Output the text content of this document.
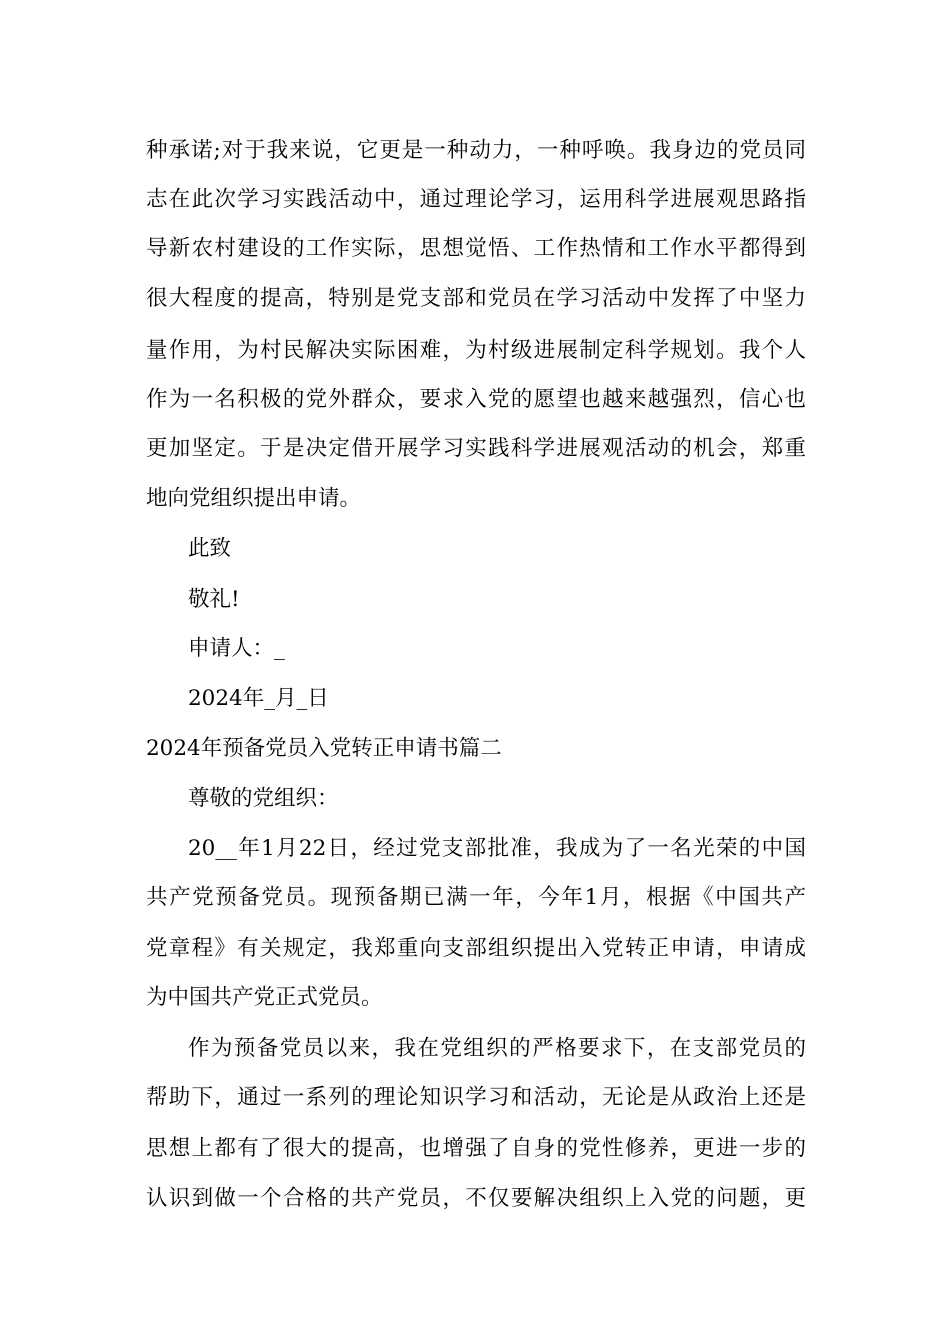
种承诺;对于我来说，它更是一种动力，一种呼唤。我身边的党员同
志在此次学习实践活动中，通过理论学习，运用科学进展观思路指
导新农村建设的工作实际，思想觉悟、工作热情和工作水平都得到
很大程度的提高，特别是党支部和党员在学习活动中发挥了中坚力
量作用，为村民解决实际困难，为村级进展制定科学规划。我个人
作为一名积极的党外群众，要求入党的愿望也越来越强烈，信心也
更加坚定。于是决定借开展学习实践科学进展观活动的机会，郑重
地向党组织提出申请。
此致
敬礼!
申请人：_
2024年_月_日
2024年预备党员入党转正申请书篇二
尊敬的党组织：
20__年1月22日，经过党支部批准，我成为了一名光荣的中国
共产党预备党员。现预备期已满一年，今年1月，根据《中国共产
党章程》有关规定，我郑重向支部组织提出入党转正申请，申请成
为中国共产党正式党员。
作为预备党员以来，我在党组织的严格要求下，在支部党员的
帮助下，通过一系列的理论知识学习和活动，无论是从政治上还是
思想上都有了很大的提高，也增强了自身的党性修养，更进一步的
认识到做一个合格的共产党员，不仅要解决组织上入党的问题，更
